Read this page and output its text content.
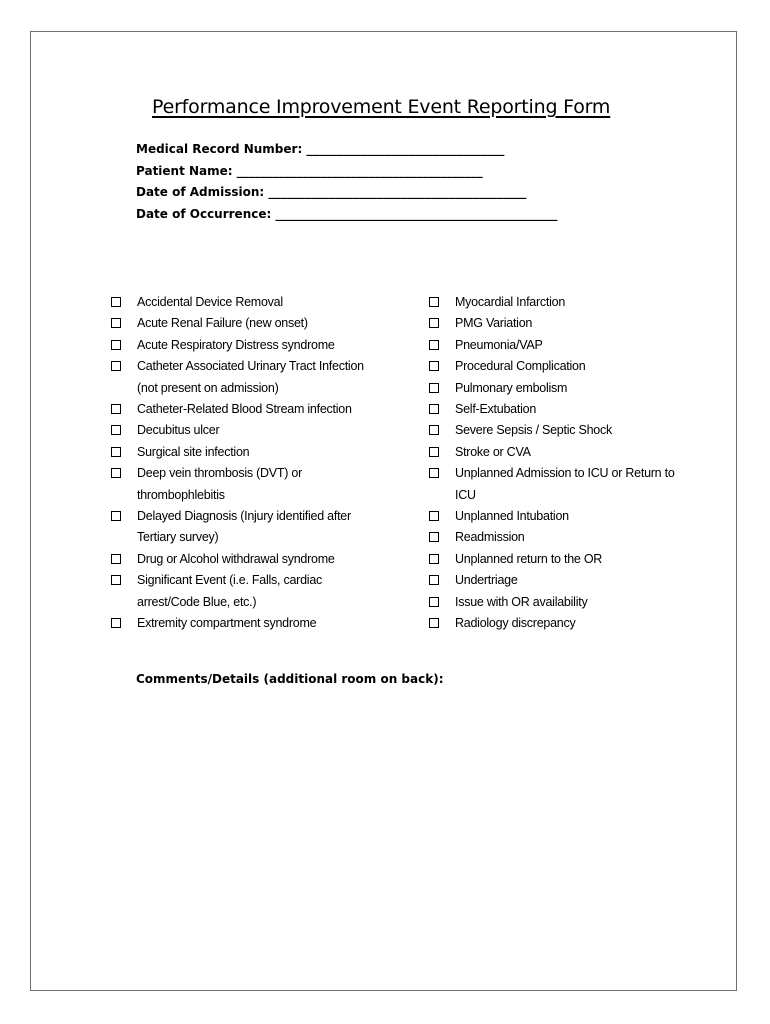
Performance Improvement Event Reporting Form
Medical Record Number: _________________________________
Patient Name: _________________________________________
Date of Admission: ___________________________________________
Date of Occurrence: _______________________________________________
Accidental Device Removal
Acute Renal Failure (new onset)
Acute Respiratory Distress syndrome
Catheter Associated Urinary Tract Infection (not present on admission)
Catheter-Related Blood Stream infection
Decubitus ulcer
Surgical site infection
Deep vein thrombosis (DVT) or thrombophlebitis
Delayed Diagnosis (Injury identified after Tertiary survey)
Drug or Alcohol withdrawal syndrome
Significant Event (i.e. Falls, cardiac arrest/Code Blue, etc.)
Extremity compartment syndrome
Myocardial Infarction
PMG Variation
Pneumonia/VAP
Procedural Complication
Pulmonary embolism
Self-Extubation
Severe Sepsis / Septic Shock
Stroke or CVA
Unplanned Admission to ICU or Return to ICU
Unplanned Intubation
Readmission
Unplanned return to the OR
Undertriage
Issue with OR availability
Radiology discrepancy
Comments/Details (additional room on back):
